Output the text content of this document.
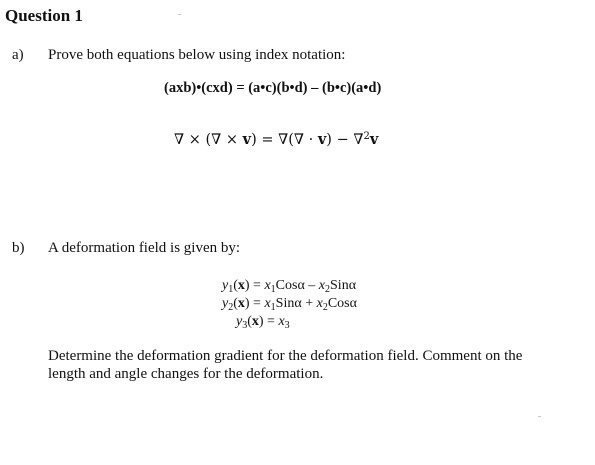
Question 1
a) Prove both equations below using index notation:
(axb)•(cxd) = (a•c)(b•d) – (b•c)(a•d)
∇ × (∇ × v) = ∇(∇ · v) − ∇$^2$v
b) A deformation field is given by:
$y_1(x) = x_1Cos\alpha - x_2Sin\alpha$
$y_2(x) = x_1Sin\alpha + x_2Cos\alpha$
$y_3(x) = x_3$
Determine the deformation gradient for the deformation field. Comment on the length and angle changes for the deformation.
